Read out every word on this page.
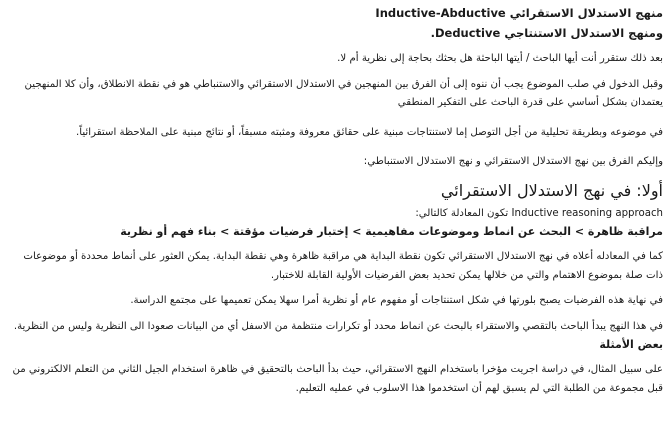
منهج الاستدلال الاستقرائي Inductive-Abductive

ومنهج الاستدلال الاستنتاجي Deductive.

بعد ذلك ستقرر أنت أيها الباحث / أيتها الباحثة هل بحثك بحاجة إلى نظرية أم لا.

وقبل الدخول في صلب الموضوع يجب أن ننوه إلى أن الفرق بين المنهجين في الاستدلال الاستقرائي والاستنباطي هو في نقطة الانطلاق، وأن كلا المنهجين يعتمدان بشكل أساسي على قدرة الباحث على التفكير المنطقي

في موضوعه وبطريقة تحليلية من أجل التوصل إما لاستنتاجات مبنية على حقائق معروفة ومثبته مسبقاً، أو نتائج مبنية على الملاحظة استقرائياً.

وإليكم الفرق بين نهج الاستدلال الاستقرائي و نهج الاستدلال الاستنباطي:

أولا: في نهج الاستدلال الاستقرائي

Inductive reasoning approach تكون المعادلة كالتالي:

مراقبة ظاهرة > البحث عن انماط وموضوعات مفاهيمية > إختبار فرضيات مؤقتة > بناء فهم أو نظرية

كما في المعادله أعلاه في نهج الاستدلال الاستقرائي تكون نقطة البداية هي مراقبة ظاهرة وهي نقطة البداية. يمكن العثور على أنماط محددة أو موضوعات ذات صلة بموضوع الاهتمام والتي من خلالها يمكن تحديد بعض الفرضيات الأولية القابلة للاختبار.

في نهاية هذه الفرضيات يصبح بلورتها في شكل استنتاجات أو مفهوم عام أو نظرية أمرا سهلا يمكن تعميمها على مجتمع الدراسة.

في هذا النهج يبدأ الباحث بالتقصي والاستقراء بالبحث عن انماط محدد أو تكرارات منتظمة من الاسفل أي من البيانات صعودا الى النظرية وليس من النظرية.

بعض الأمثلة

على سبيل المثال، في دراسة اجريت مؤخرا باستخدام النهج الاستقرائي، حيث بدأ الباحث بالتحقيق في ظاهرة استخدام الجيل الثاني من التعلم الالكتروني من قبل مجموعة من الطلبة التي لم يسبق لهم أن استخدموا هذا الاسلوب في عمليه التعليم.
